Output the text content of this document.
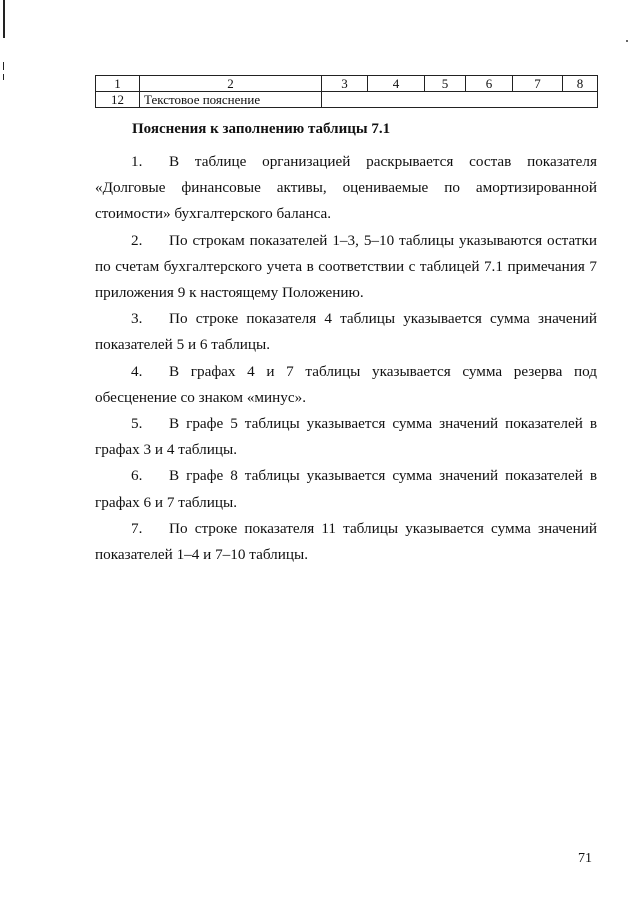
1	2	3	4	5	6	7	8
12	Текстовое пояснение						
Пояснения к заполнению таблицы 7.1

1. В таблице организацией раскрывается состав показателя «Долговые финансовые активы, оцениваемые по амортизированной стоимости» бухгалтерского баланса.

2. По строкам показателей 1–3, 5–10 таблицы указываются остатки по счетам бухгалтерского учета в соответствии с таблицей 7.1 примечания 7 приложения 9 к настоящему Положению.

3. По строке показателя 4 таблицы указывается сумма значений показателей 5 и 6 таблицы.

4. В графах 4 и 7 таблицы указывается сумма резерва под обесценение со знаком «минус».

5. В графе 5 таблицы указывается сумма значений показателей в графах 3 и 4 таблицы.

6. В графе 8 таблицы указывается сумма значений показателей в графах 6 и 7 таблицы.

7. По строке показателя 11 таблицы указывается сумма значений показателей 1–4 и 7–10 таблицы.

71
